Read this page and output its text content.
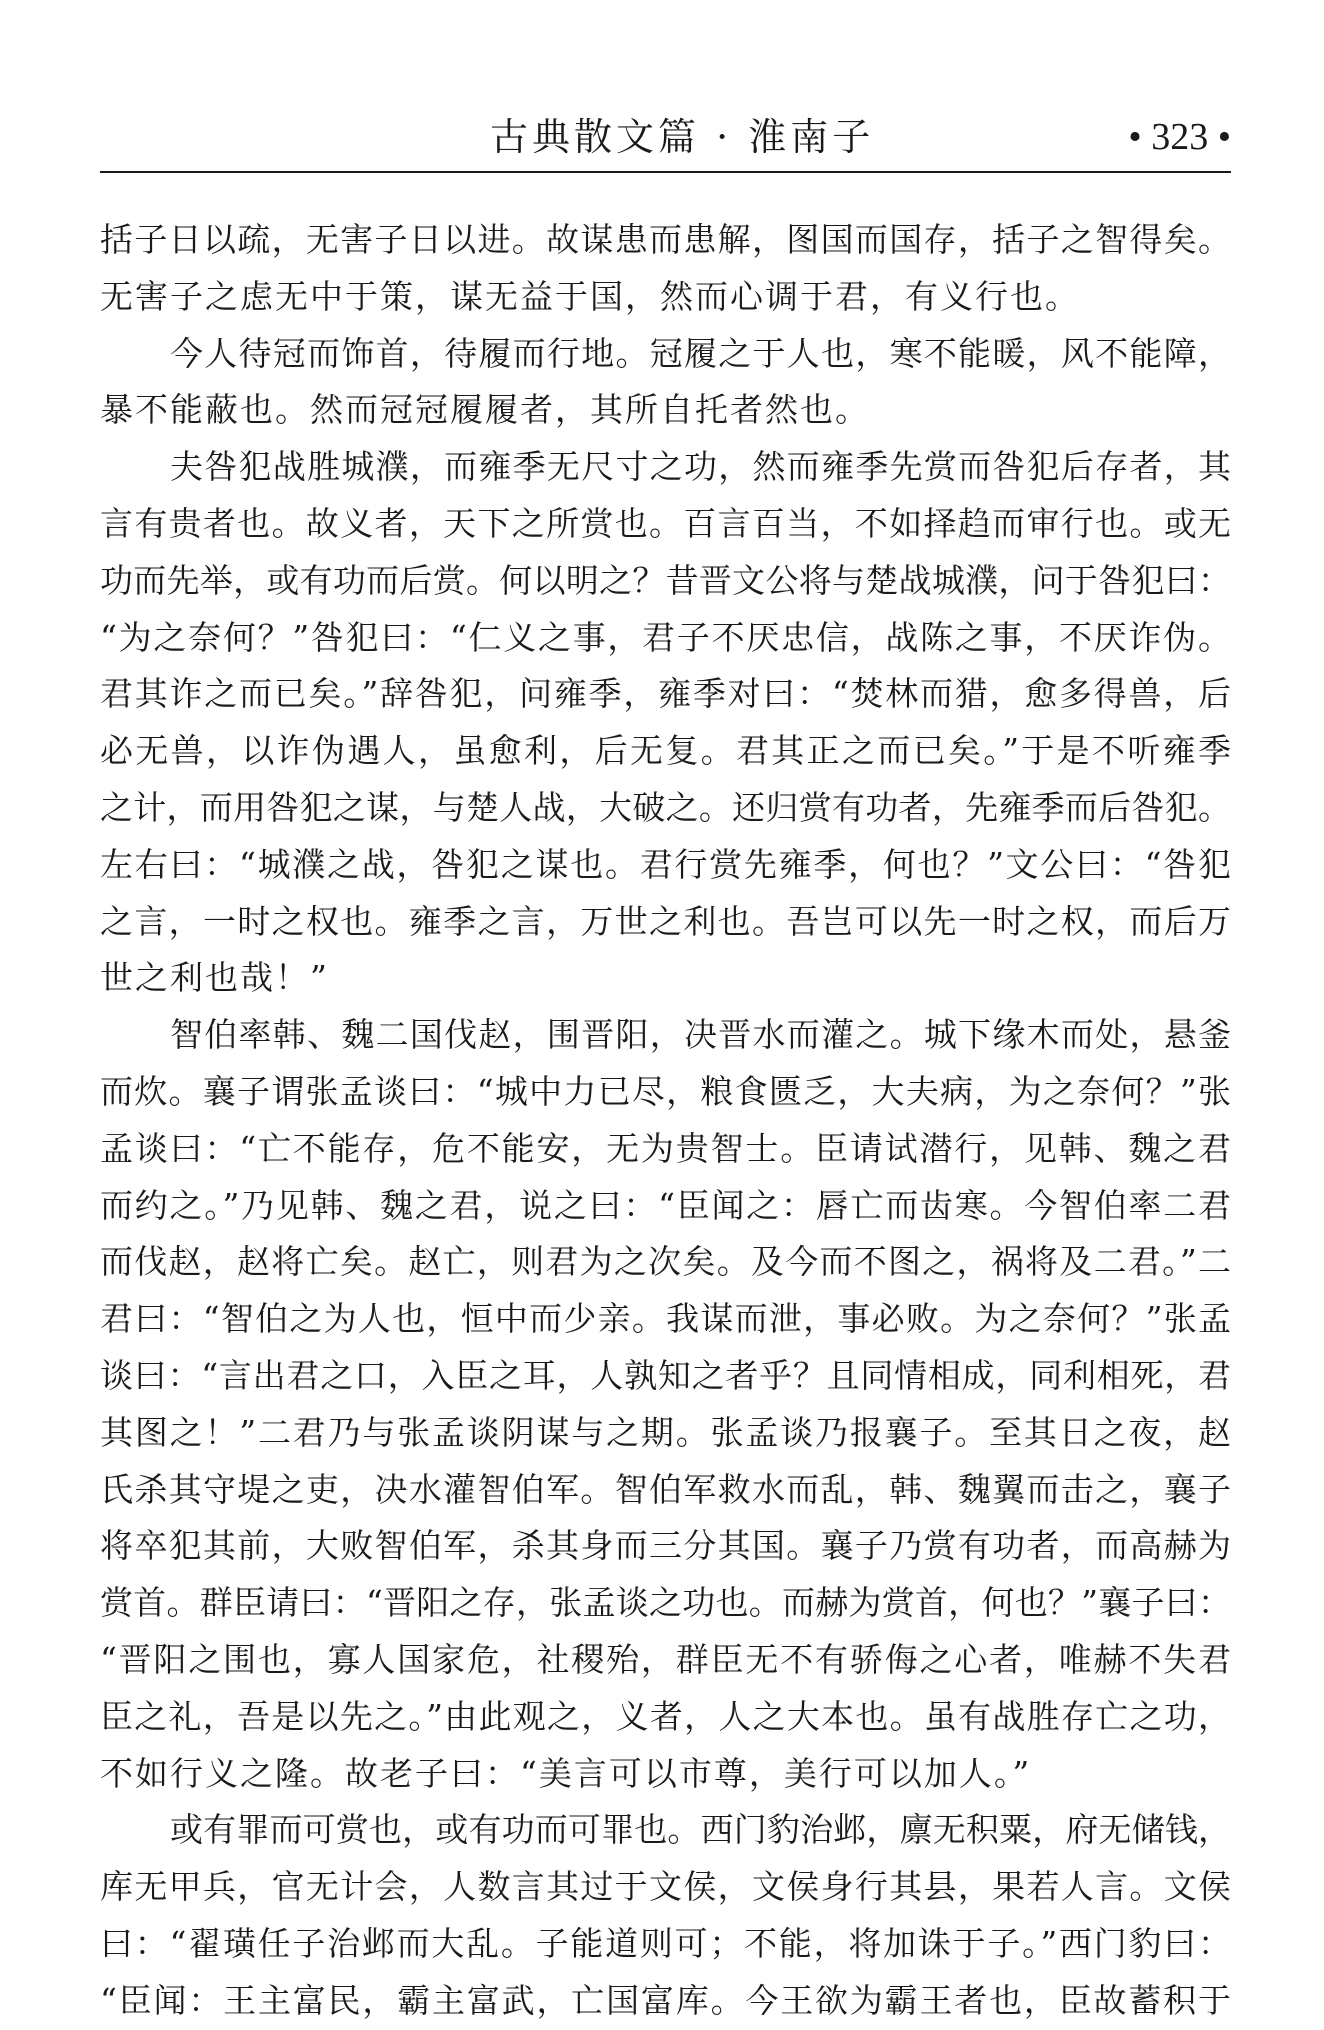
古典散文篇 · 淮南子	• 323 •
括子日以疏，无害子日以进。故谋患而患解，图国而国存，括子之智得矣。
无害子之虑无中于策，谋无益于国，然而心调于君，有义行也。
今人待冠而饰首，待履而行地。冠履之于人也，寒不能暖，风不能障，
暴不能蔽也。然而冠冠履履者，其所自托者然也。
夫咎犯战胜城濮，而雍季无尺寸之功，然而雍季先赏而咎犯后存者，其
言有贵者也。故义者，天下之所赏也。百言百当，不如择趋而审行也。或无
功而先举，或有功而后赏。何以明之？昔晋文公将与楚战城濮，问于咎犯曰：
“为之奈何？”咎犯曰：“仁义之事，君子不厌忠信，战陈之事，不厌诈伪。
君其诈之而已矣。”辞咎犯，问雍季，雍季对曰：“焚林而猎，愈多得兽，后
必无兽，以诈伪遇人，虽愈利，后无复。君其正之而已矣。”于是不听雍季
之计，而用咎犯之谋，与楚人战，大破之。还归赏有功者，先雍季而后咎犯。
左右曰：“城濮之战，咎犯之谋也。君行赏先雍季，何也？”文公曰：“咎犯
之言，一时之权也。雍季之言，万世之利也。吾岂可以先一时之权，而后万
世之利也哉！”
智伯率韩、魏二国伐赵，围晋阳，决晋水而灌之。城下缘木而处，悬釜
而炊。襄子谓张孟谈曰：“城中力已尽，粮食匮乏，大夫病，为之奈何？”张
孟谈曰：“亡不能存，危不能安，无为贵智士。臣请试潜行，见韩、魏之君
而约之。”乃见韩、魏之君，说之曰：“臣闻之：唇亡而齿寒。今智伯率二君
而伐赵，赵将亡矣。赵亡，则君为之次矣。及今而不图之，祸将及二君。”二
君曰：“智伯之为人也，恒中而少亲。我谋而泄，事必败。为之奈何？”张孟
谈曰：“言出君之口，入臣之耳，人孰知之者乎？且同情相成，同利相死，君
其图之！”二君乃与张孟谈阴谋与之期。张孟谈乃报襄子。至其日之夜，赵
氏杀其守堤之吏，决水灌智伯军。智伯军救水而乱，韩、魏翼而击之，襄子
将卒犯其前，大败智伯军，杀其身而三分其国。襄子乃赏有功者，而高赫为
赏首。群臣请曰：“晋阳之存，张孟谈之功也。而赫为赏首，何也？”襄子曰：
“晋阳之围也，寡人国家危，社稷殆，群臣无不有骄侮之心者，唯赫不失君
臣之礼，吾是以先之。”由此观之，义者，人之大本也。虽有战胜存亡之功，
不如行义之隆。故老子曰：“美言可以市尊，美行可以加人。”
或有罪而可赏也，或有功而可罪也。西门豹治邺，廪无积粟，府无储钱，
库无甲兵，官无计会，人数言其过于文侯，文侯身行其县，果若人言。文侯
曰：“翟璜任子治邺而大乱。子能道则可；不能，将加诛于子。”西门豹曰：
“臣闻：王主富民，霸主富武，亡国富库。今王欲为霸王者也，臣故蓄积于
